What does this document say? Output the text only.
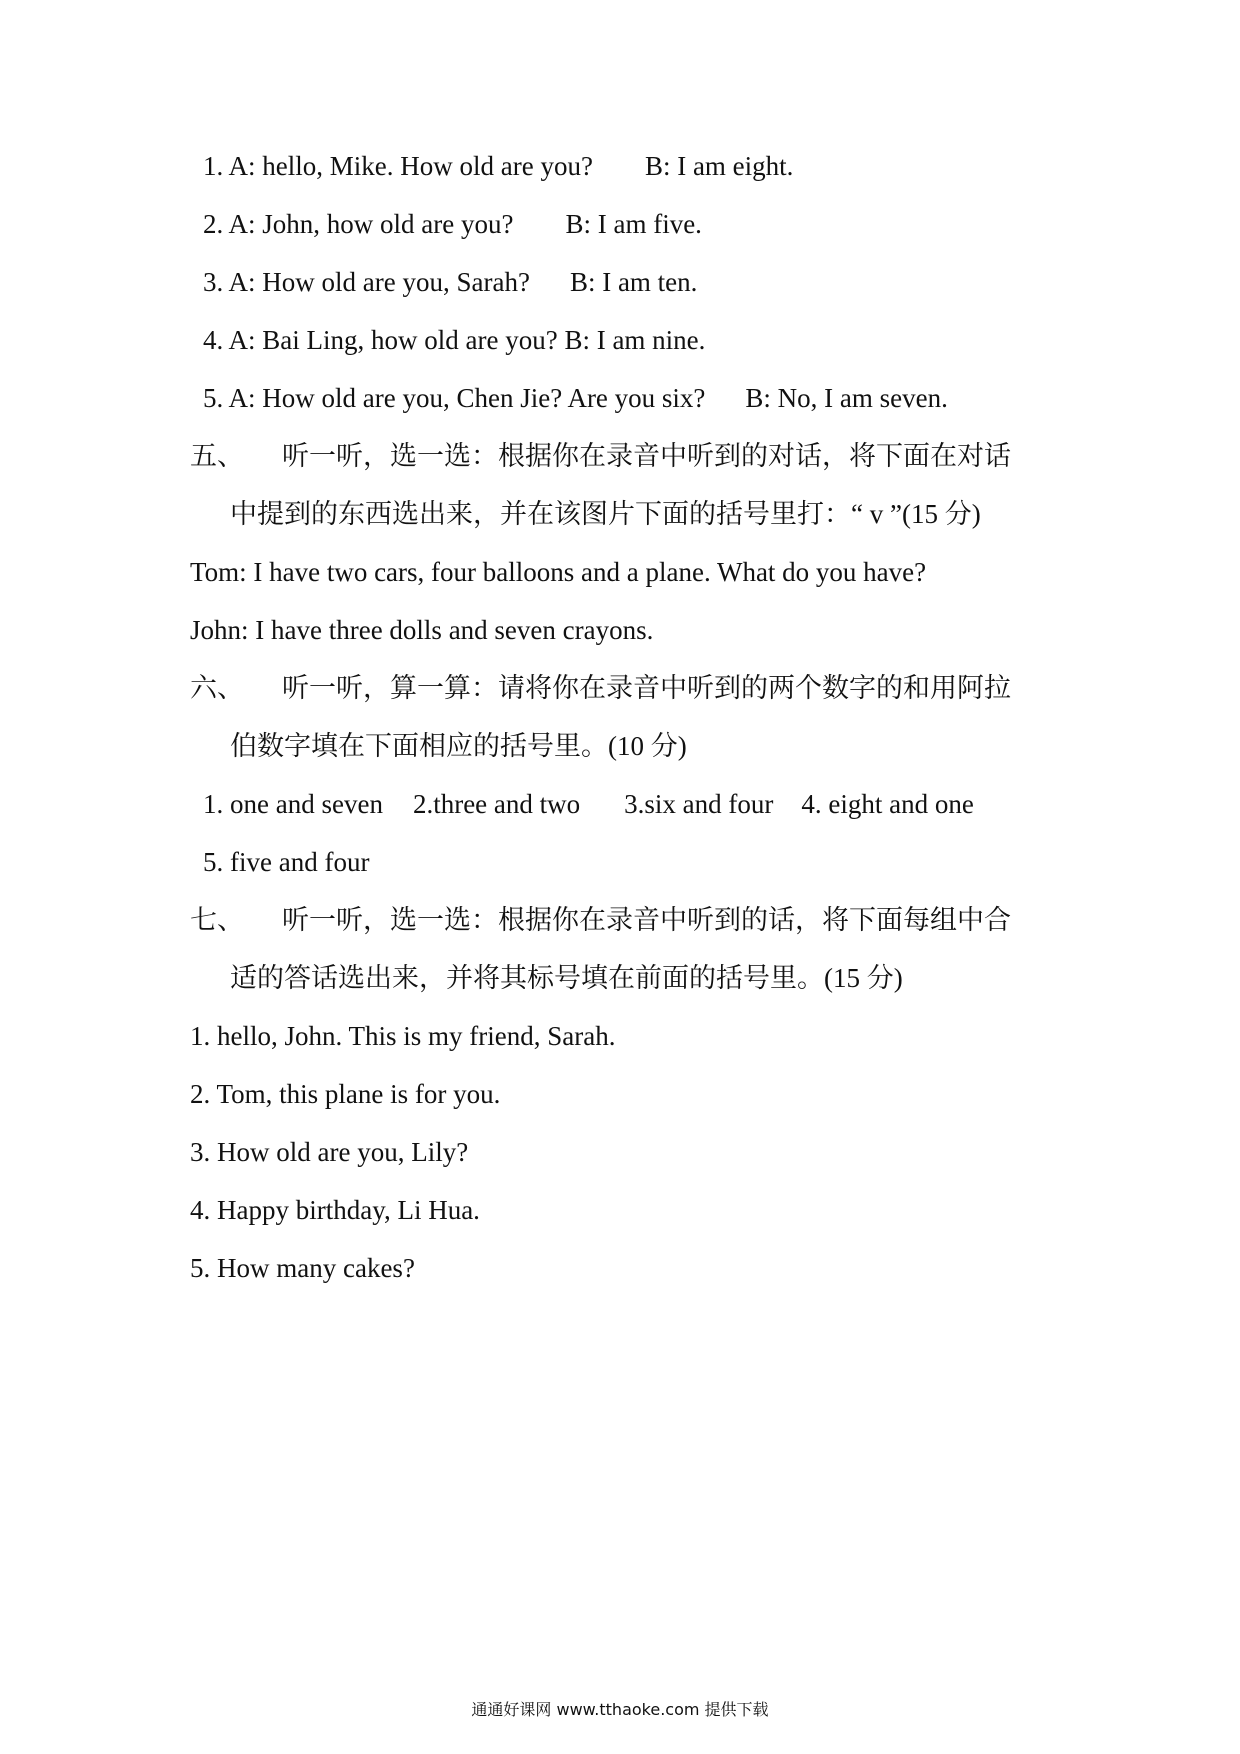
1. A: hello, Mike. How old are you? B: I am eight.
2. A: John, how old are you? B: I am five.
3. A: How old are you, Sarah? B: I am ten.
4. A: Bai Ling, how old are you? B: I am nine.
5. A: How old are you, Chen Jie? Are you six? B: No, I am seven.
五、 听一听，选一选：根据你在录音中听到的对话，将下面在对话
中提到的东西选出来，并在该图片下面的括号里打：“ v ”(15 分)
Tom: I have two cars, four balloons and a plane. What do you have?
John: I have three dolls and seven crayons.
六、 听一听，算一算：请将你在录音中听到的两个数字的和用阿拉
伯数字填在下面相应的括号里。(10 分)
1. one and seven 2.three and two 3.six and four 4. eight and one
5. five and four
七、 听一听，选一选：根据你在录音中听到的话，将下面每组中合
适的答话选出来，并将其标号填在前面的括号里。(15 分)
1. hello, John. This is my friend, Sarah.
2. Tom, this plane is for you.
3. How old are you, Lily?
4. Happy birthday, Li Hua.
5. How many cakes?
通通好课网 www.tthaoke.com 提供下载
